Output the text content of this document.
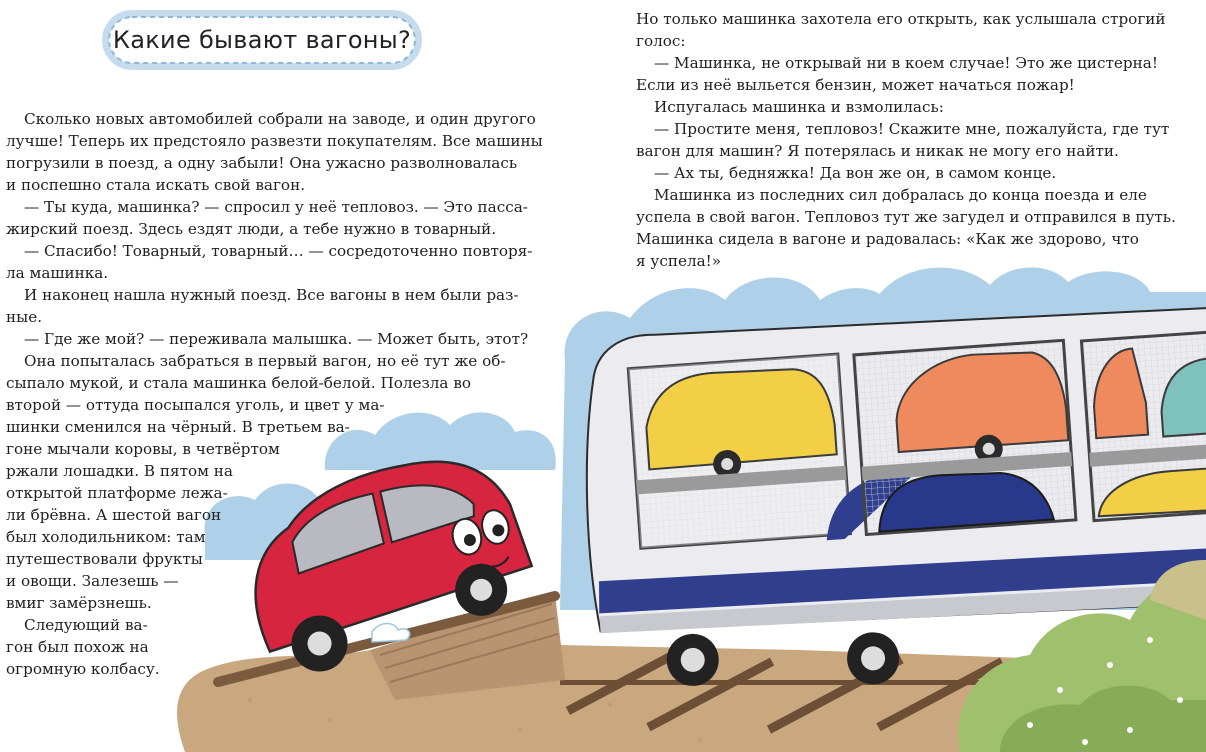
Какие бывают вагоны?
Сколько новых автомобилей собрали на заводе, и один другого
лучше! Теперь их предстояло развезти покупателям. Все машины
погрузили в поезд, а одну забыли! Она ужасно разволновалась
и поспешно стала искать свой вагон.
— Ты куда, машинка? — спросил у неё тепловоз. — Это пасса-
жирский поезд. Здесь ездят люди, а тебе нужно в товарный.
— Спасибо! Товарный, товарный… — сосредоточенно повторя-
ла машинка.
И наконец нашла нужный поезд. Все вагоны в нем были раз-
ные.
— Где же мой? — переживала малышка. — Может быть, этот?
Она попыталась забраться в первый вагон, но её тут же об-
сыпало мукой, и стала машинка белой-белой. Полезла во
второй — оттуда посыпался уголь, и цвет у ма-
шинки сменился на чёрный. В третьем ва-
гоне мычали коровы, в четвёртом
ржали лошадки. В пятом на
открытой платформе лежа-
ли брёвна. А шестой вагон
был холодильником: там
путешествовали фрукты
и овощи. Залезешь —
вмиг замёрзнешь.
Следующий ва-
гон был похож на
огромную колбасу.
Но только машинка захотела его открыть, как услышала строгий
голос:
— Машинка, не открывай ни в коем случае! Это же цистерна!
Если из неё выльется бензин, может начаться пожар!
Испугалась машинка и взмолилась:
— Простите меня, тепловоз! Скажите мне, пожалуйста, где тут
вагон для машин? Я потерялась и никак не могу его найти.
— Ах ты, бедняжка! Да вон же он, в самом конце.
Машинка из последних сил добралась до конца поезда и еле
успела в свой вагон. Тепловоз тут же загудел и отправился в путь.
Машинка сидела в вагоне и радовалась: «Как же здорово, что
я успела!»
